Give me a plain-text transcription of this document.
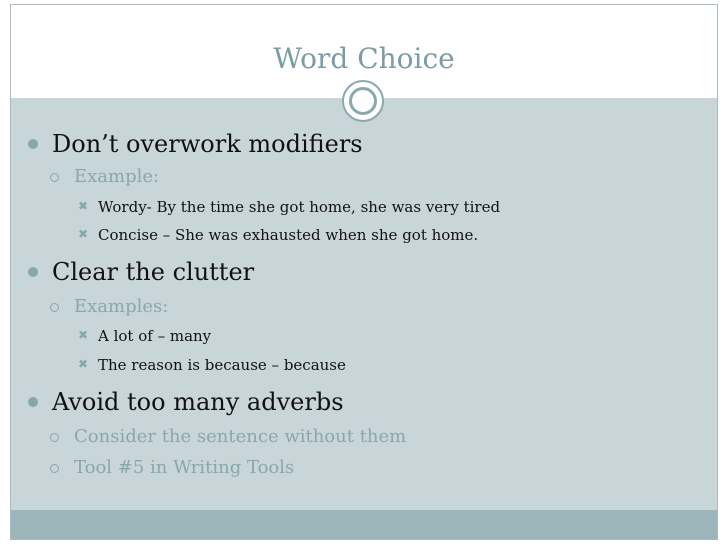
Word Choice
Don’t overwork modifiers
Example:
✖ Wordy- By the time she got home, she was very tired
✖ Concise – She was exhausted when she got home.
Clear the clutter
Examples:
✖ A lot of – many
✖ The reason is because – because
Avoid too many adverbs
Consider the sentence without them
Tool #5 in Writing Tools
